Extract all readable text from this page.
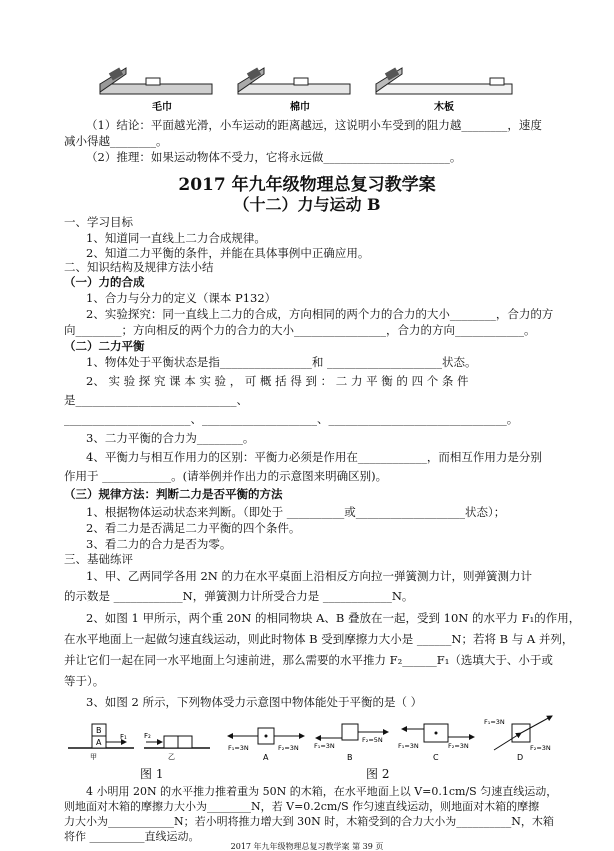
毛巾	棉巾	木板
（1）结论：平面越光滑，小车运动的距离越远，这说明小车受到的阻力越________，速度
减小得越________。
（2）推理：如果运动物体不受力，它将永远做______________________。
2017 年九年级物理总复习教学案
（十二）力与运动 B
一、学习目标
1、知道同一直线上二力合成规律。
2、知道二力平衡的条件，并能在具体事例中正确应用。
二、知识结构及规律方法小结
（一）力的合成
1、合力与分力的定义（课本 P132）
2、实验探究：同一直线上二力的合成，方向相同的两个力的合力的大小________，合力的方
向________；方向相反的两个力的合力的大小________________，合力的方向____________。
（二）二力平衡
1、物体处于平衡状态是指________________和 ____________________状态。
2、 实 验 探 究 课 本 实 验 ， 可 概 括 得 到 ： 二 力 平 衡 的 四 个 条 件
是____________________________、
______________________、____________________、_______________________________。
3、二力平衡的合力为________。
4、平衡力与相互作用力的区别：平衡力必须是作用在____________，而相互作用力是分别
作用于 ____________。(请举例并作出力的示意图来明确区别)。
（三）规律方法：判断二力是否平衡的方法
1、根据物体运动状态来判断。（即处于 __________或___________________状态）；
2、看二力是否满足二力平衡的四个条件。
3、看二力的合力是否为零。
三、基础练评
1、甲、乙两同学各用 2N 的力在水平桌面上沿相反方向拉一弹簧测力计，则弹簧测力计
的示数是 ____________N，弹簧测力计所受合力是 ____________N。
2、如图 1 甲所示，两个重 20N 的相同物块 A、B 叠放在一起，受到 10N 的水平力 F₁的作用，
在水平地面上一起做匀速直线运动，则此时物体 B 受到摩擦力大小是 ______N；若将 B 与 A 并列，
并让它们一起在同一水平地面上匀速前进，那么需要的水平推力 F₂______F₁（选填大于、小于或
等于）。
3、如图 2 所示，下列物体受力示意图中物体能处于平衡的是（ ）
B
A
F₁
甲
F₂
乙
F₁=3N	F₂=3N
A
F₁=3N
F₂=5N
B
F₁=3N	F₂=3N
C
F₁=3N
F₂=3N
D
图 1	图 2
4 小明用 20N 的水平推力推着重为 50N 的木箱，在水平地面上以 V=0.1cm/S 匀速直线运动，
则地面对木箱的摩擦力大小为________N，若 V=0.2cm/S 作匀速直线运动，则地面对木箱的摩擦
力大小为____________N；若小明将推力增大到 30N 时，木箱受到的合力大小为__________N，木箱
将作 __________直线运动。
2017 年九年级物理总复习教学案 第 39 页
